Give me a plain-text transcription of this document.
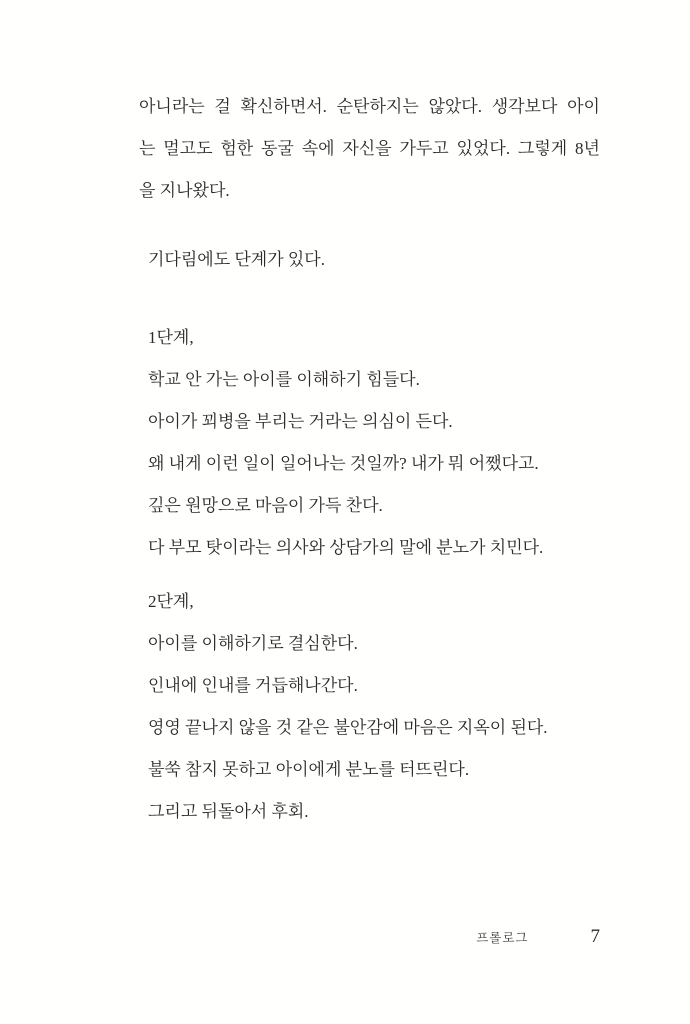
아니라는 걸 확신하면서. 순탄하지는 않았다. 생각보다 아이
는 멀고도 험한 동굴 속에 자신을 가두고 있었다. 그렇게 8년
을 지나왔다.
기다림에도 단계가 있다.
1단계,
학교 안 가는 아이를 이해하기 힘들다.
아이가 꾀병을 부리는 거라는 의심이 든다.
왜 내게 이런 일이 일어나는 것일까? 내가 뭐 어쨌다고.
깊은 원망으로 마음이 가득 찬다.
다 부모 탓이라는 의사와 상담가의 말에 분노가 치민다.
2단계,
아이를 이해하기로 결심한다.
인내에 인내를 거듭해나간다.
영영 끝나지 않을 것 같은 불안감에 마음은 지옥이 된다.
불쑥 참지 못하고 아이에게 분노를 터뜨린다.
그리고 뒤돌아서 후회.
프롤로그	7
